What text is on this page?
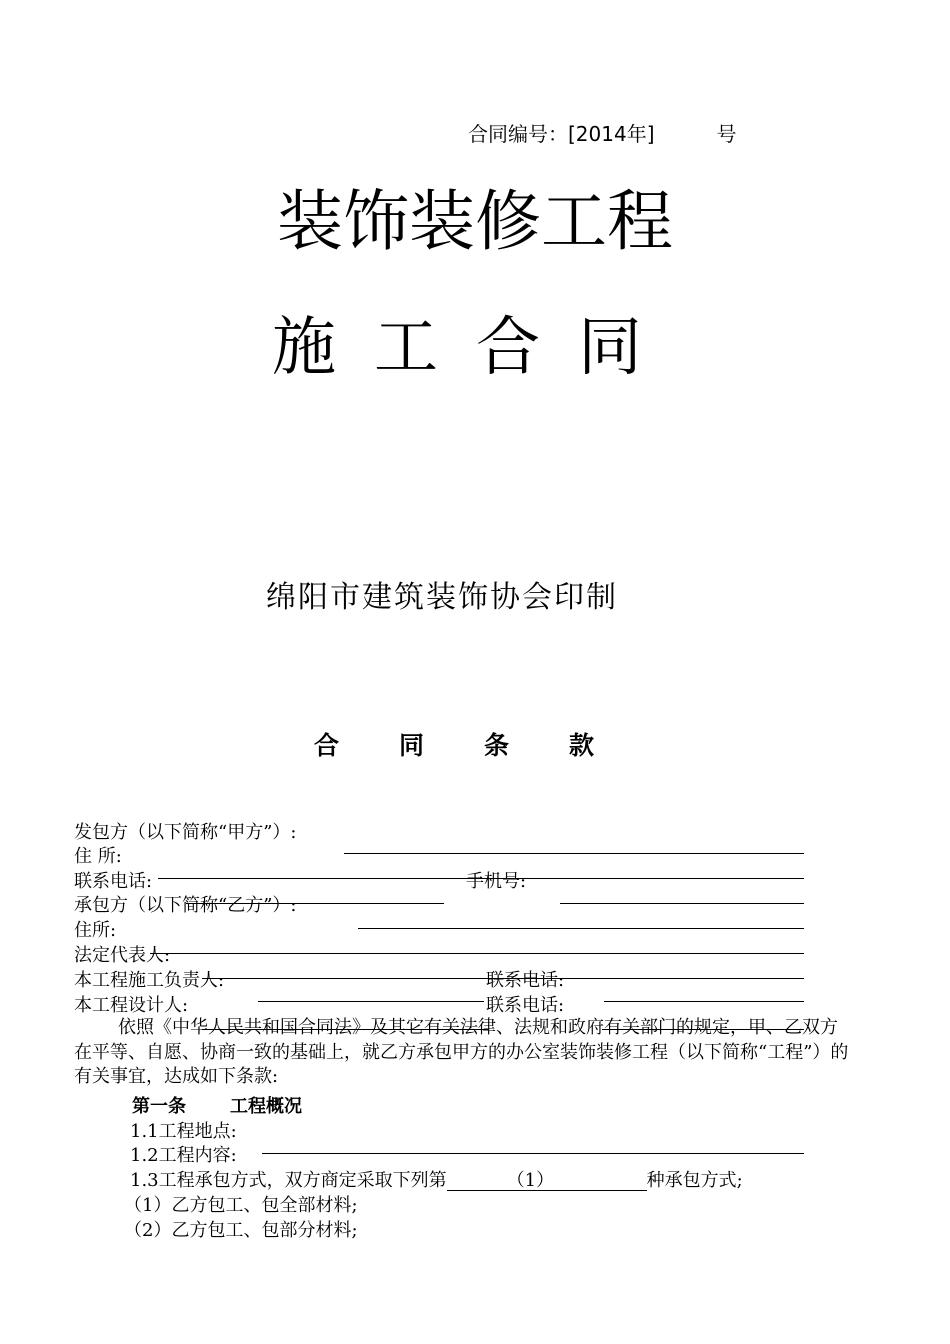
合同编号：[2014年]	号
装饰装修工程
施工合同
绵阳市建筑装饰协会印制
合同条款
发包方（以下简称“甲方”）:
住 所:
联系电话:	手机号:
承包方（以下简称“乙方”）:
住所:
法定代表人:
本工程施工负责人:	联系电话:
本工程设计人:	联系电话:
依照《中华人民共和国合同法》及其它有关法律、法规和政府有关部门的规定，甲、乙双方在平等、自愿、协商一致的基础上，就乙方承包甲方的办公室装饰装修工程（以下简称“工程”）的有关事宜，达成如下条款:
第一条 工程概况
1.1工程地点:
1.2工程内容:
1.3工程承包方式，双方商定采取下列第	（1）	种承包方式;
（1）乙方包工、包全部材料;
（2）乙方包工、包部分材料;
